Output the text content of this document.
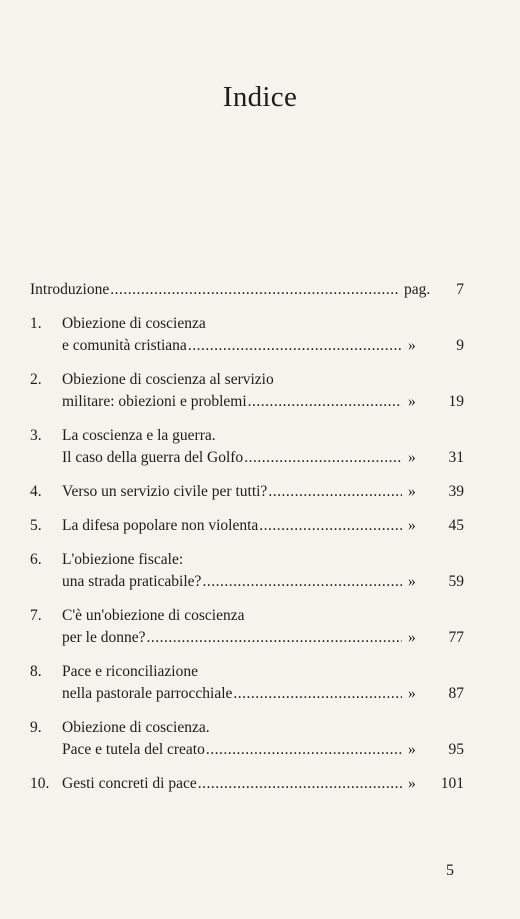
Indice
Introduzione .....	pag.	7
1.	Obiezione di coscienza
e comunità cristiana .....	»	9
2.	Obiezione di coscienza al servizio
militare: obiezioni e problemi .....	»	19
3.	La coscienza e la guerra.
Il caso della guerra del Golfo .....	»	31
4.	Verso un servizio civile per tutti? .....	»	39
5.	La difesa popolare non violenta .....	»	45
6.	L'obiezione fiscale:
una strada praticabile? .....	»	59
7.	C'è un'obiezione di coscienza
per le donne? .....	»	77
8.	Pace e riconciliazione
nella pastorale parrocchiale .....	»	87
9.	Obiezione di coscienza.
Pace e tutela del creato .....	»	95
10. Gesti concreti di pace .....	»	101
5
